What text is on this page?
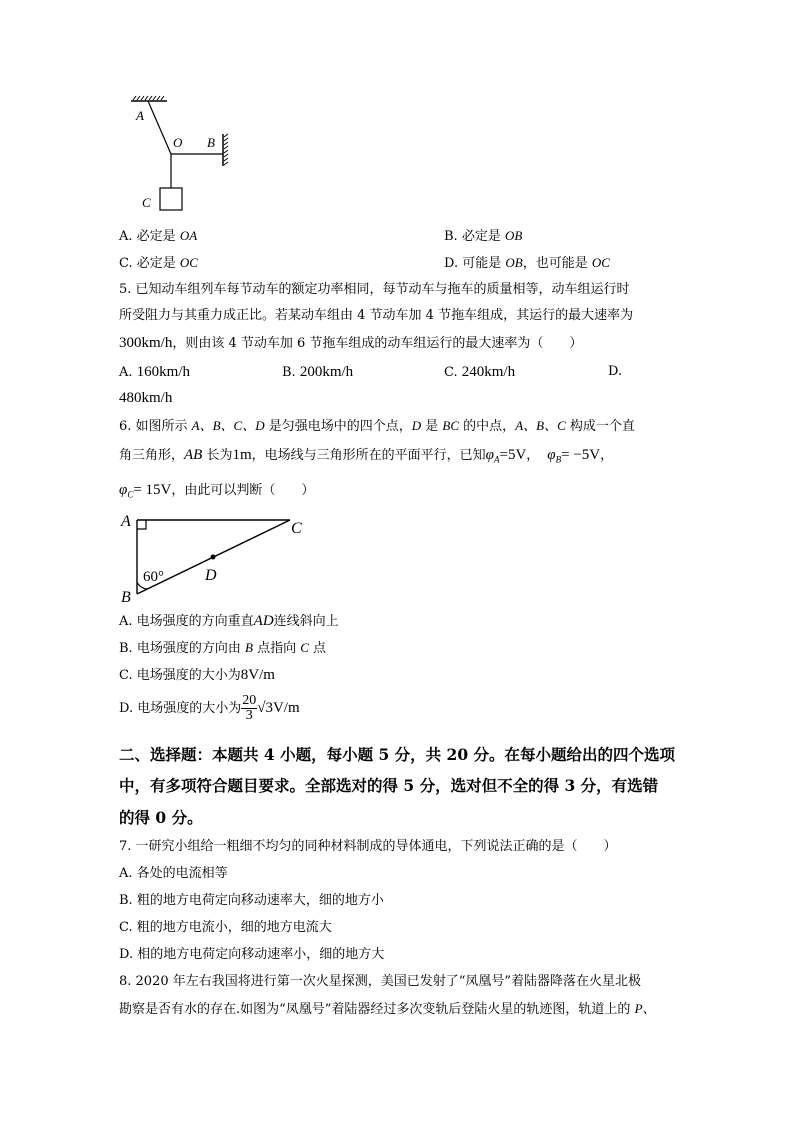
A
O B
C
A. 必定是 OA	B. 必定是 OB
C. 必定是 OC	D. 可能是 OB，也可能是 OC
5. 已知动车组列车每节动车的额定功率相同，每节动车与拖车的质量相等，动车组运行时
所受阻力与其重力成正比。若某动车组由 4 节动车加 4 节拖车组成，其运行的最大速率为
300km/h，则由该 4 节动车加 6 节拖车组成的动车组运行的最大速率为（　　）
A. 160km/h	B. 200km/h	C. 240km/h	D.
480km/h
6. 如图所示 A、B、C、D 是匀强电场中的四个点，D 是 BC 的中点，A、B、C 构成一个直
角三角形，AB 长为1m，电场线与三角形所在的平面平行，已知$\varphi_A=5V$， $\varphi_B= -5V$，
$\varphi_C= 15V$，由此可以判断（　　）
A	C
D
B
60°
A. 电场强度的方向重直AD连线斜向上
B. 电场强度的方向由 B 点指向 C 点
C. 电场强度的大小为8V/m
D. 电场强度的大小为 $\frac{20}{3} √3V/m$
二、选择题：本题共 4 小题，每小题 5 分，共 20 分。在每小题给出的四个选项
中，有多项符合题目要求。全部选对的得 5 分，选对但不全的得 3 分，有选错
的得 0 分。
7. 一研究小组给一粗细不均匀的同种材料制成的导体通电，下列说法正确的是（　　）
A. 各处的电流相等
B. 粗的地方电荷定向移动速率大，细的地方小
C. 粗的地方电流小，细的地方电流大
D. 相的地方电荷定向移动速率小，细的地方大
8. 2020 年左右我国将进行第一次火星探测，美国已发射了“凤凰号”着陆器降落在火星北极
勘察是否有水的存在.如图为“凤凰号”着陆器经过多次变轨后登陆火星的轨迹图，轨道上的 P、
